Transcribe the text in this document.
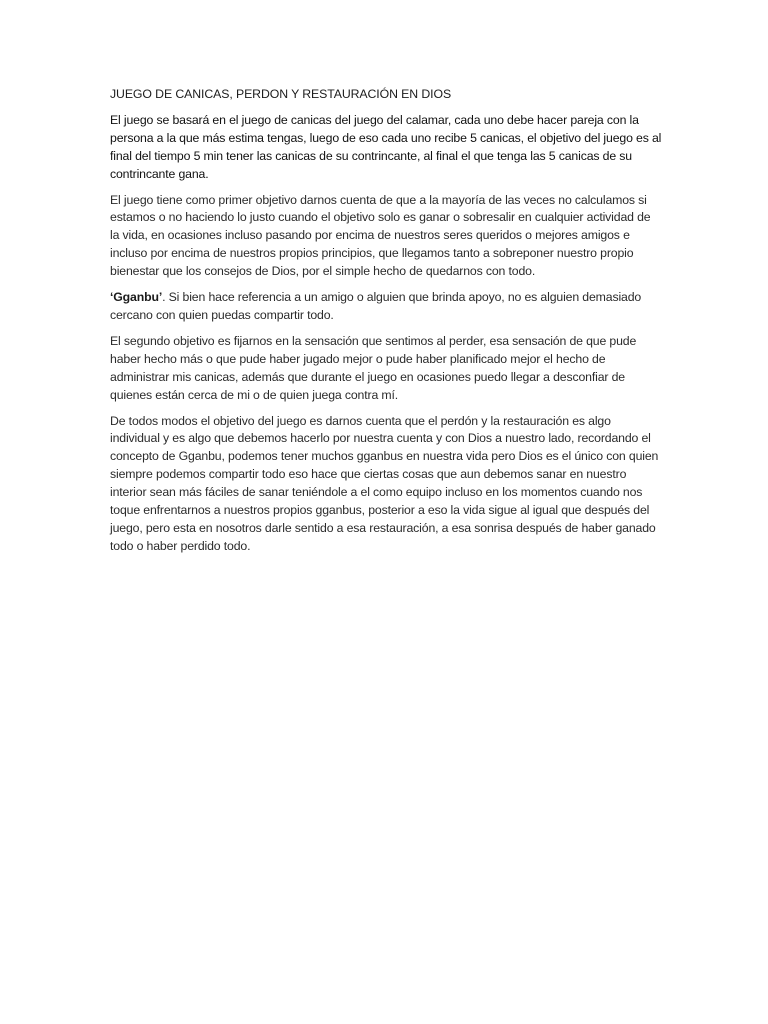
JUEGO DE CANICAS, PERDON Y RESTAURACIÓN EN DIOS

El juego se basará en el juego de canicas del juego del calamar, cada uno debe hacer pareja con la persona a la que más estima tengas, luego de eso cada uno recibe 5 canicas, el objetivo del juego es al final del tiempo 5 min tener las canicas de su contrincante, al final el que tenga las 5 canicas de su contrincante gana.

El juego tiene como primer objetivo darnos cuenta de que a la mayoría de las veces no calculamos si estamos o no haciendo lo justo cuando el objetivo solo es ganar o sobresalir en cualquier actividad de la vida, en ocasiones incluso pasando por encima de nuestros seres queridos o mejores amigos e incluso por encima de nuestros propios principios, que llegamos tanto a sobreponer nuestro propio bienestar que los consejos de Dios, por el simple hecho de quedarnos con todo.

‘Gganbu’. Si bien hace referencia a un amigo o alguien que brinda apoyo, no es alguien demasiado cercano con quien puedas compartir todo.

El segundo objetivo es fijarnos en la sensación que sentimos al perder, esa sensación de que pude haber hecho más o que pude haber jugado mejor o pude haber planificado mejor el hecho de administrar mis canicas, además que durante el juego en ocasiones puedo llegar a desconfiar de quienes están cerca de mi o de quien juega contra mí.

De todos modos el objetivo del juego es darnos cuenta que el perdón y la restauración es algo individual y es algo que debemos hacerlo por nuestra cuenta y con Dios a nuestro lado, recordando el concepto de Gganbu, podemos tener muchos gganbus en nuestra vida pero Dios es el único con quien siempre podemos compartir todo eso hace que ciertas cosas que aun debemos sanar en nuestro interior sean más fáciles de sanar teniéndole a el como equipo incluso en los momentos cuando nos toque enfrentarnos a nuestros propios gganbus, posterior a eso la vida sigue al igual que después del juego, pero esta en nosotros darle sentido a esa restauración, a esa sonrisa después de haber ganado todo o haber perdido todo.
